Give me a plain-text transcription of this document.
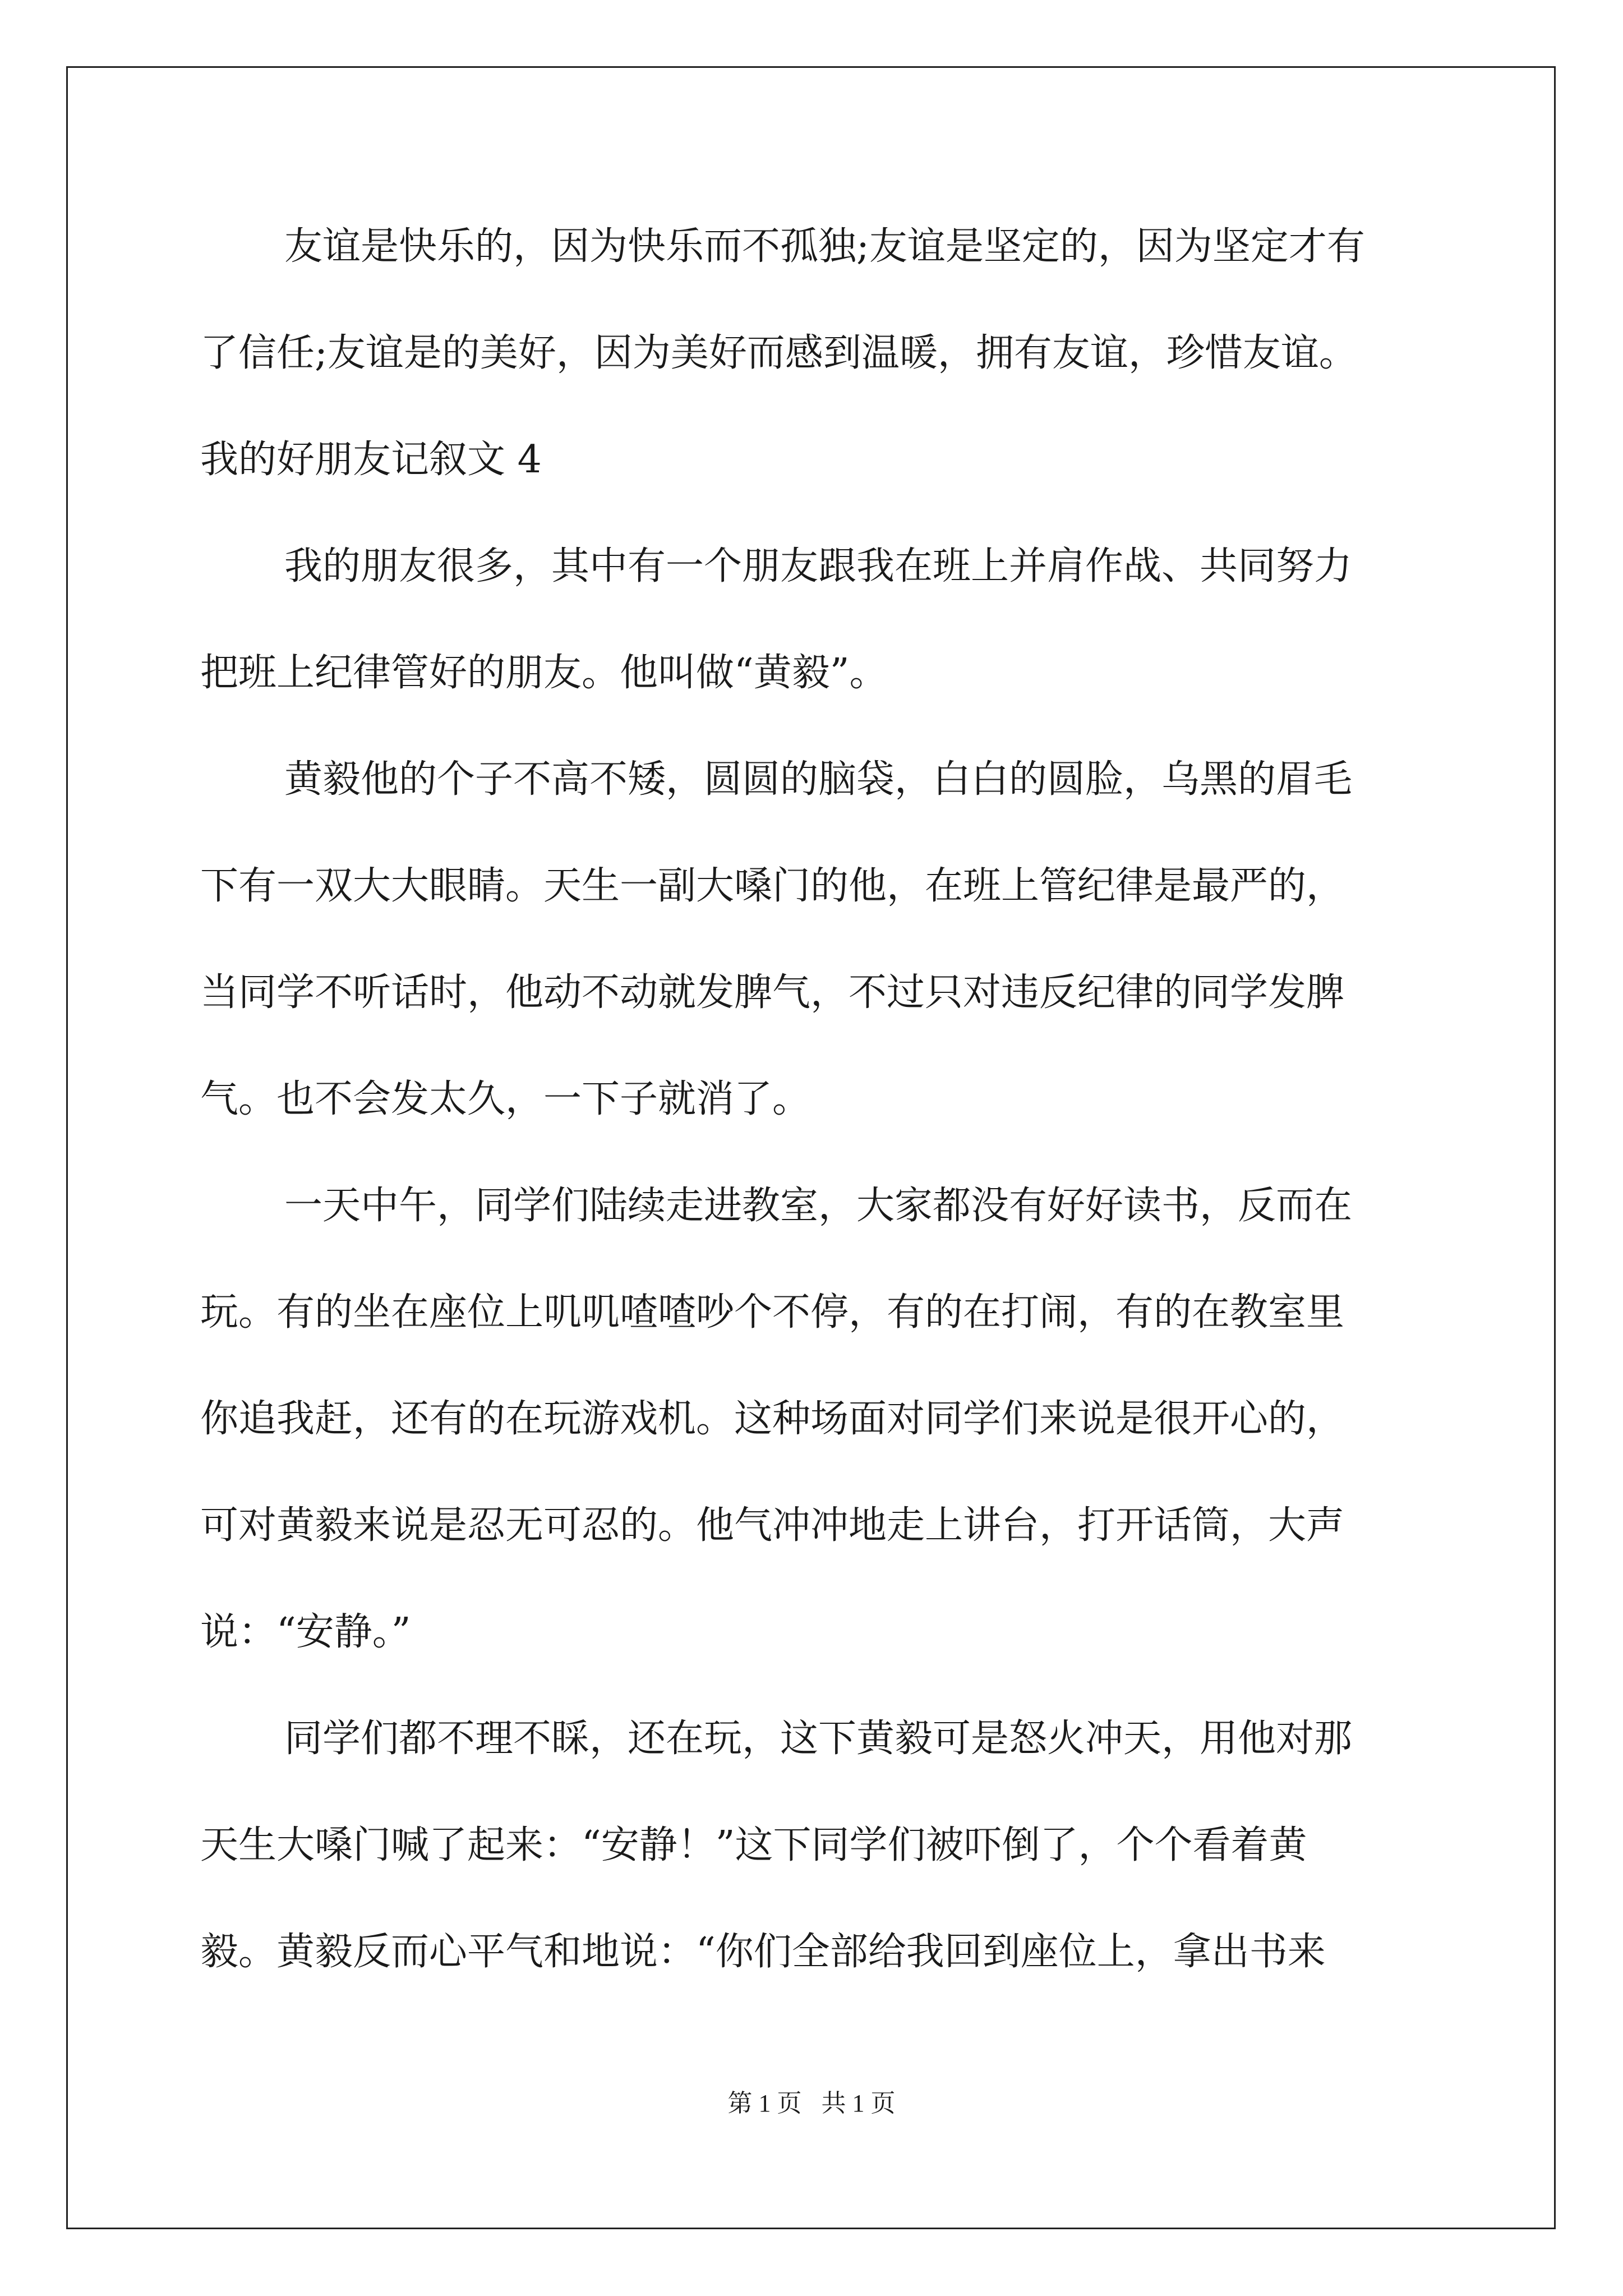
友谊是快乐的，因为快乐而不孤独;友谊是坚定的，因为坚定才有
了信任;友谊是的美好，因为美好而感到温暖，拥有友谊，珍惜友谊。
我的好朋友记叙文 4
我的朋友很多，其中有一个朋友跟我在班上并肩作战、共同努力
把班上纪律管好的朋友。他叫做“黄毅”。
黄毅他的个子不高不矮，圆圆的脑袋，白白的圆脸，乌黑的眉毛
下有一双大大眼睛。天生一副大嗓门的他，在班上管纪律是最严的，
当同学不听话时，他动不动就发脾气，不过只对违反纪律的同学发脾
气。也不会发太久，一下子就消了。
一天中午，同学们陆续走进教室，大家都没有好好读书，反而在
玩。有的坐在座位上叽叽喳喳吵个不停，有的在打闹，有的在教室里
你追我赶，还有的在玩游戏机。这种场面对同学们来说是很开心的，
可对黄毅来说是忍无可忍的。他气冲冲地走上讲台，打开话筒，大声
说：“安静。”
同学们都不理不睬，还在玩，这下黄毅可是怒火冲天，用他对那
天生大嗓门喊了起来：“安静！”这下同学们被吓倒了，个个看着黄
毅。黄毅反而心平气和地说：“你们全部给我回到座位上，拿出书来
第 1 页 共 1 页
